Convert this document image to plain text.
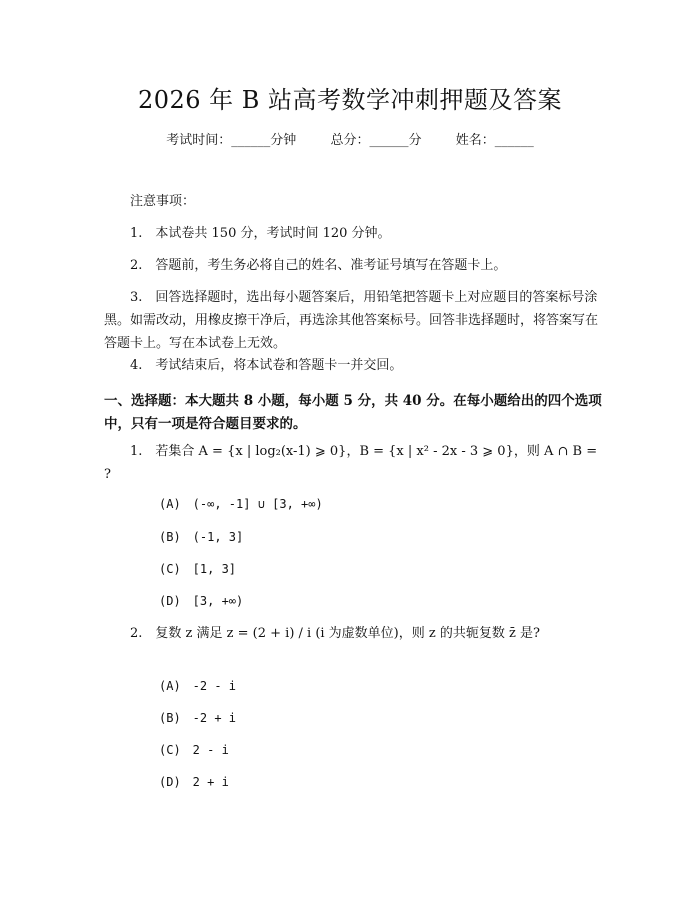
2026 年 B 站高考数学冲刺押题及答案
考试时间：______分钟	总分：______分	姓名：______
注意事项：
1.　本试卷共 150 分，考试时间 120 分钟。
2.　答题前，考生务必将自己的姓名、准考证号填写在答题卡上。
3.　回答选择题时，选出每小题答案后，用铅笔把答题卡上对应题目的答案标号涂黑。如需改动，用橡皮擦干净后，再选涂其他答案标号。回答非选择题时，将答案写在答题卡上。写在本试卷上无效。
4.　考试结束后，将本试卷和答题卡一并交回。
一、选择题：本大题共 8 小题，每小题 5 分，共 40 分。在每小题给出的四个选项中，只有一项是符合题目要求的。
1.　若集合 A = {x | log₂(x-1) ⩾ 0}，B = {x | x² - 2x - 3 ⩾ 0}，则 A ∩ B = ?
(A)　(-∞, -1] ∪ [3, +∞)
(B)　(-1, 3]
(C)　[1, 3]
(D)　[3, +∞)
2.　复数 z 满足 z = (2 + i) / i (i 为虚数单位)，则 z 的共轭复数 z̄ 是?
(A)　-2 - i
(B)　-2 + i
(C)　2 - i
(D)　2 + i
